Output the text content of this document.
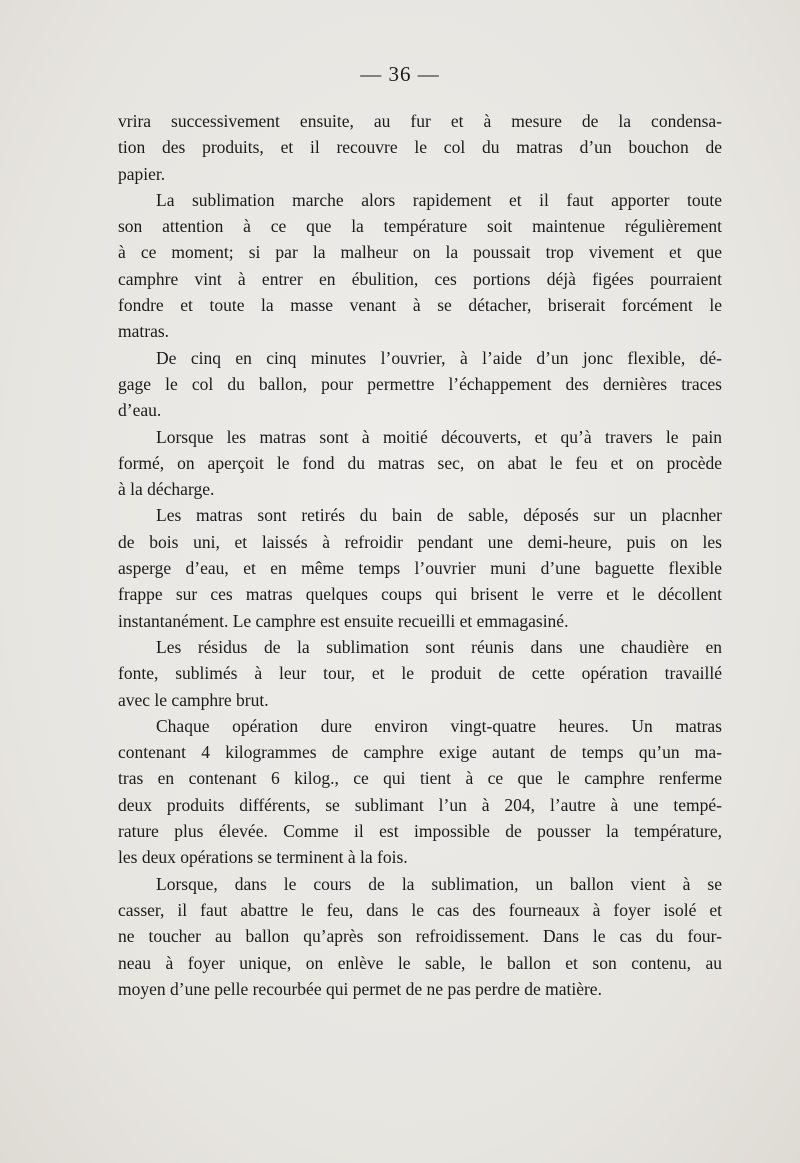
— 36 —
vrira successivement ensuite, au fur et à mesure de la condensa-
tion des produits, et il recouvre le col du matras d’un bouchon de
papier.
La sublimation marche alors rapidement et il faut apporter toute
son attention à ce que la température soit maintenue régulièrement
à ce moment; si par la malheur on la poussait trop vivement et que
camphre vint à entrer en ébulition, ces portions déjà figées pourraient
fondre et toute la masse venant à se détacher, briserait forcément le
matras.
De cinq en cinq minutes l’ouvrier, à l’aide d’un jonc flexible, dé-
gage le col du ballon, pour permettre l’échappement des dernières traces
d’eau.
Lorsque les matras sont à moitié découverts, et qu’à travers le pain
formé, on aperçoit le fond du matras sec, on abat le feu et on procède
à la décharge.
Les matras sont retirés du bain de sable, déposés sur un placnher
de bois uni, et laissés à refroidir pendant une demi-heure, puis on les
asperge d’eau, et en même temps l’ouvrier muni d’une baguette flexible
frappe sur ces matras quelques coups qui brisent le verre et le décollent
instantanément. Le camphre est ensuite recueilli et emmagasiné.
Les résidus de la sublimation sont réunis dans une chaudière en
fonte, sublimés à leur tour, et le produit de cette opération travaillé
avec le camphre brut.
Chaque opération dure environ vingt-quatre heures. Un matras
contenant 4 kilogrammes de camphre exige autant de temps qu’un ma-
tras en contenant 6 kilog., ce qui tient à ce que le camphre renferme
deux produits différents, se sublimant l’un à 204, l’autre à une tempé-
rature plus élevée. Comme il est impossible de pousser la température,
les deux opérations se terminent à la fois.
Lorsque, dans le cours de la sublimation, un ballon vient à se
casser, il faut abattre le feu, dans le cas des fourneaux à foyer isolé et
ne toucher au ballon qu’après son refroidissement. Dans le cas du four-
neau à foyer unique, on enlève le sable, le ballon et son contenu, au
moyen d’une pelle recourbée qui permet de ne pas perdre de matière.
